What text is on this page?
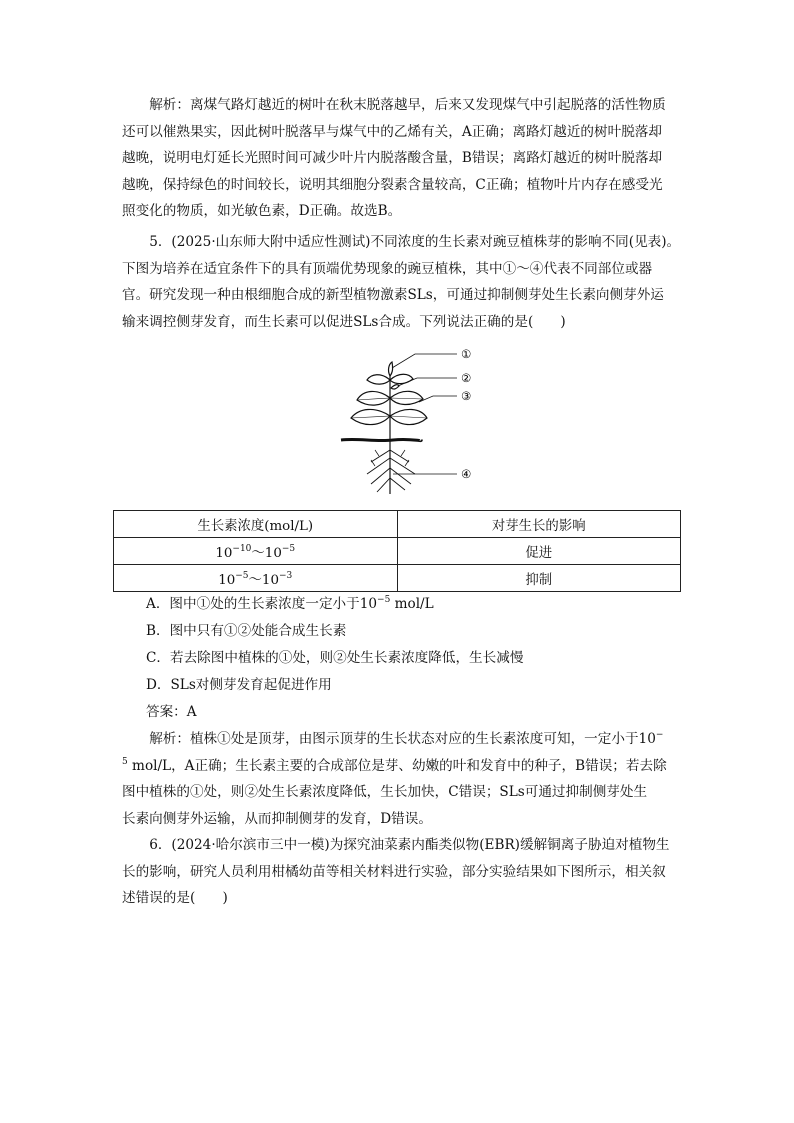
解析：离煤气路灯越近的树叶在秋末脱落越早，后来又发现煤气中引起脱落的活性物质
还可以催熟果实，因此树叶脱落早与煤气中的乙烯有关，A正确；离路灯越近的树叶脱落却
越晚，说明电灯延长光照时间可减少叶片内脱落酸含量，B错误；离路灯越近的树叶脱落却
越晚，保持绿色的时间较长，说明其细胞分裂素含量较高，C正确；植物叶片内存在感受光
照变化的物质，如光敏色素，D正确。故选B。
5．(2025·山东师大附中适应性测试)不同浓度的生长素对豌豆植株芽的影响不同(见表)。
下图为培养在适宜条件下的具有顶端优势现象的豌豆植株，其中①～④代表不同部位或器
官。研究发现一种由根细胞合成的新型植物激素SLs，可通过抑制侧芽处生长素向侧芽外运
输来调控侧芽发育，而生长素可以促进SLs合成。下列说法正确的是(　　)
①
②
③
④
生长素浓度(mol/L)	对芽生长的影响
$10^{-10}\sim 10^{-5}$	促进
$10^{-5}\sim 10^{-3}$	抑制
A．图中①处的生长素浓度一定小于$10^{-5}$ mol/L
B．图中只有①②处能合成生长素
C．若去除图中植株的①处，则②处生长素浓度降低，生长减慢
D．SLs对侧芽发育起促进作用
答案：A
解析：植株①处是顶芽，由图示顶芽的生长状态对应的生长素浓度可知，一定小于10−
$^5$ mol/L，A正确；生长素主要的合成部位是芽、幼嫩的叶和发育中的种子，B错误；若去除
图中植株的①处，则②处生长素浓度降低，生长加快，C错误；SLs可通过抑制侧芽处生
长素向侧芽外运输，从而抑制侧芽的发育，D错误。
6．(2024·哈尔滨市三中一模)为探究油菜素内酯类似物(EBR)缓解铜离子胁迫对植物生
长的影响，研究人员利用柑橘幼苗等相关材料进行实验，部分实验结果如下图所示，相关叙
述错误的是(　　)
